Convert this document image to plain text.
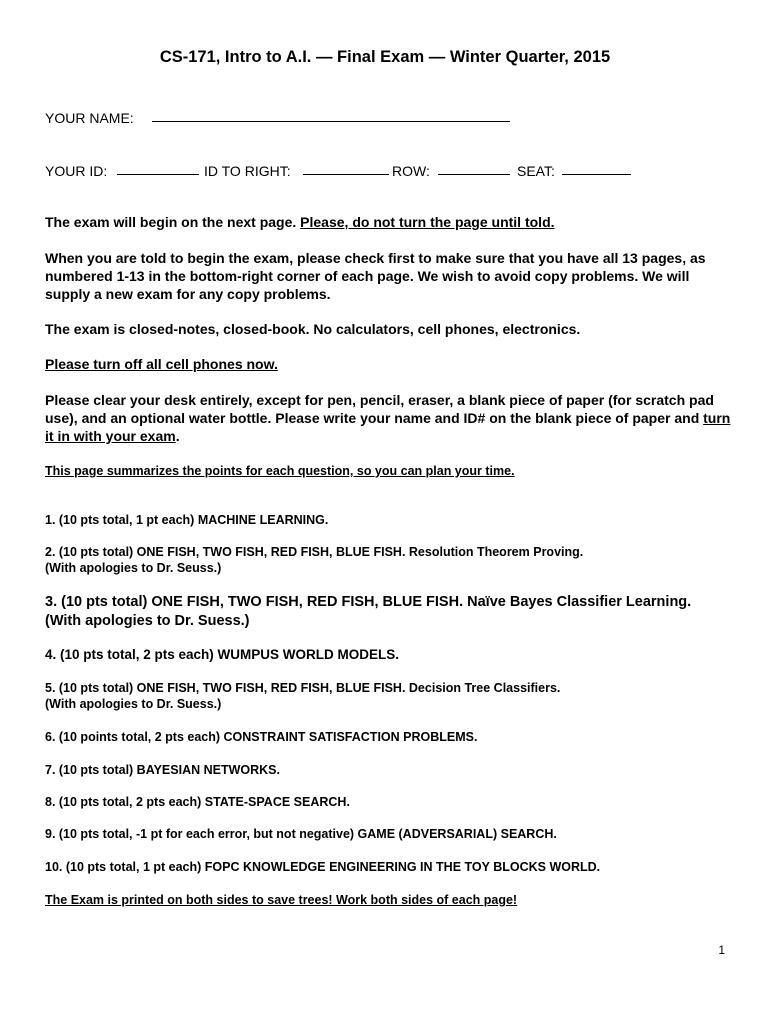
CS-171, Intro to A.I. — Final Exam — Winter Quarter, 2015
YOUR NAME:
YOUR ID:	ID TO RIGHT:	ROW:	SEAT:
The exam will begin on the next page. Please, do not turn the page until told.
When you are told to begin the exam, please check first to make sure that you have all 13 pages, as numbered 1-13 in the bottom-right corner of each page. We wish to avoid copy problems. We will supply a new exam for any copy problems.
The exam is closed-notes, closed-book. No calculators, cell phones, electronics.
Please turn off all cell phones now.
Please clear your desk entirely, except for pen, pencil, eraser, a blank piece of paper (for scratch pad use), and an optional water bottle. Please write your name and ID# on the blank piece of paper and turn it in with your exam.
This page summarizes the points for each question, so you can plan your time.
1. (10 pts total, 1 pt each) MACHINE LEARNING.
2. (10 pts total) ONE FISH, TWO FISH, RED FISH, BLUE FISH. Resolution Theorem Proving.
(With apologies to Dr. Seuss.)
3. (10 pts total) ONE FISH, TWO FISH, RED FISH, BLUE FISH. Naïve Bayes Classifier Learning.
(With apologies to Dr. Suess.)
4. (10 pts total, 2 pts each) WUMPUS WORLD MODELS.
5. (10 pts total) ONE FISH, TWO FISH, RED FISH, BLUE FISH. Decision Tree Classifiers.
(With apologies to Dr. Suess.)
6. (10 points total, 2 pts each) CONSTRAINT SATISFACTION PROBLEMS.
7. (10 pts total) BAYESIAN NETWORKS.
8. (10 pts total, 2 pts each) STATE-SPACE SEARCH.
9. (10 pts total, -1 pt for each error, but not negative) GAME (ADVERSARIAL) SEARCH.
10. (10 pts total, 1 pt each) FOPC KNOWLEDGE ENGINEERING IN THE TOY BLOCKS WORLD.
The Exam is printed on both sides to save trees! Work both sides of each page!
1
